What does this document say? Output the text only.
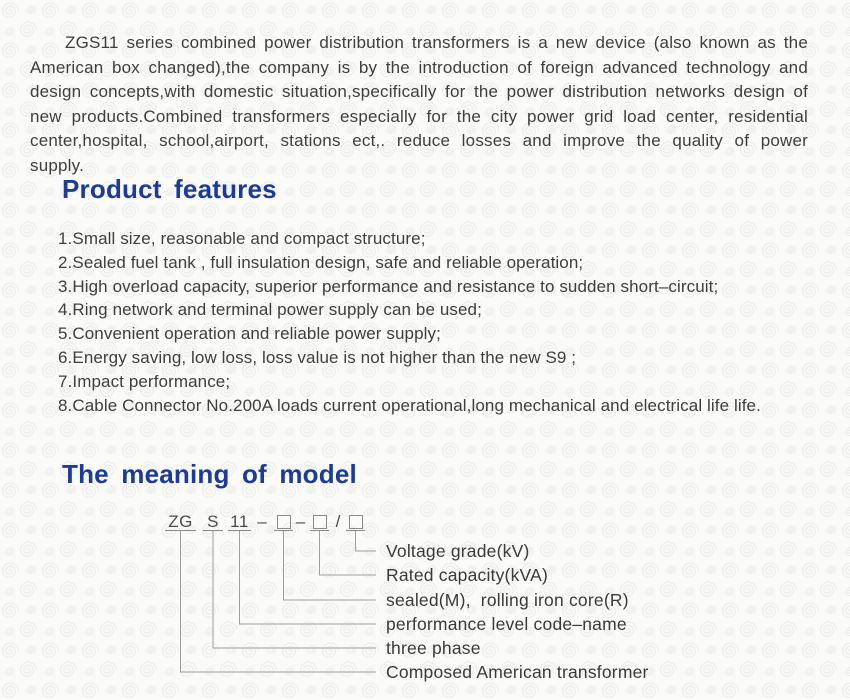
ZGS11 series combined power distribution transformers is a new device (also known as the American box changed),the company is by the introduction of foreign advanced technology and design concepts,with domestic situation,specifically for the power distribution networks design of new products.Combined transformers especially for the city power grid load center, residential center,hospital, school,airport, stations ect,. reduce losses and improve the quality of power supply.

Product features
1.Small size, reasonable and compact structure;
2.Sealed fuel tank , full insulation design, safe and reliable operation;
3.High overload capacity, superior performance and resistance to sudden short–circuit;
4.Ring network and terminal power supply can be used;
5.Convenient operation and reliable power supply;
6.Energy saving, low loss, loss value is not higher than the new S9 ;
7.Impact performance;
8.Cable Connector No.200A loads current operational,long mechanical and electrical life life.
The meaning of model
ZG S 11 –	– /
Voltage grade(kV)
Rated capacity(kVA)
sealed(M),  rolling iron core(R)
performance level code–name
three phase
Composed American transformer
